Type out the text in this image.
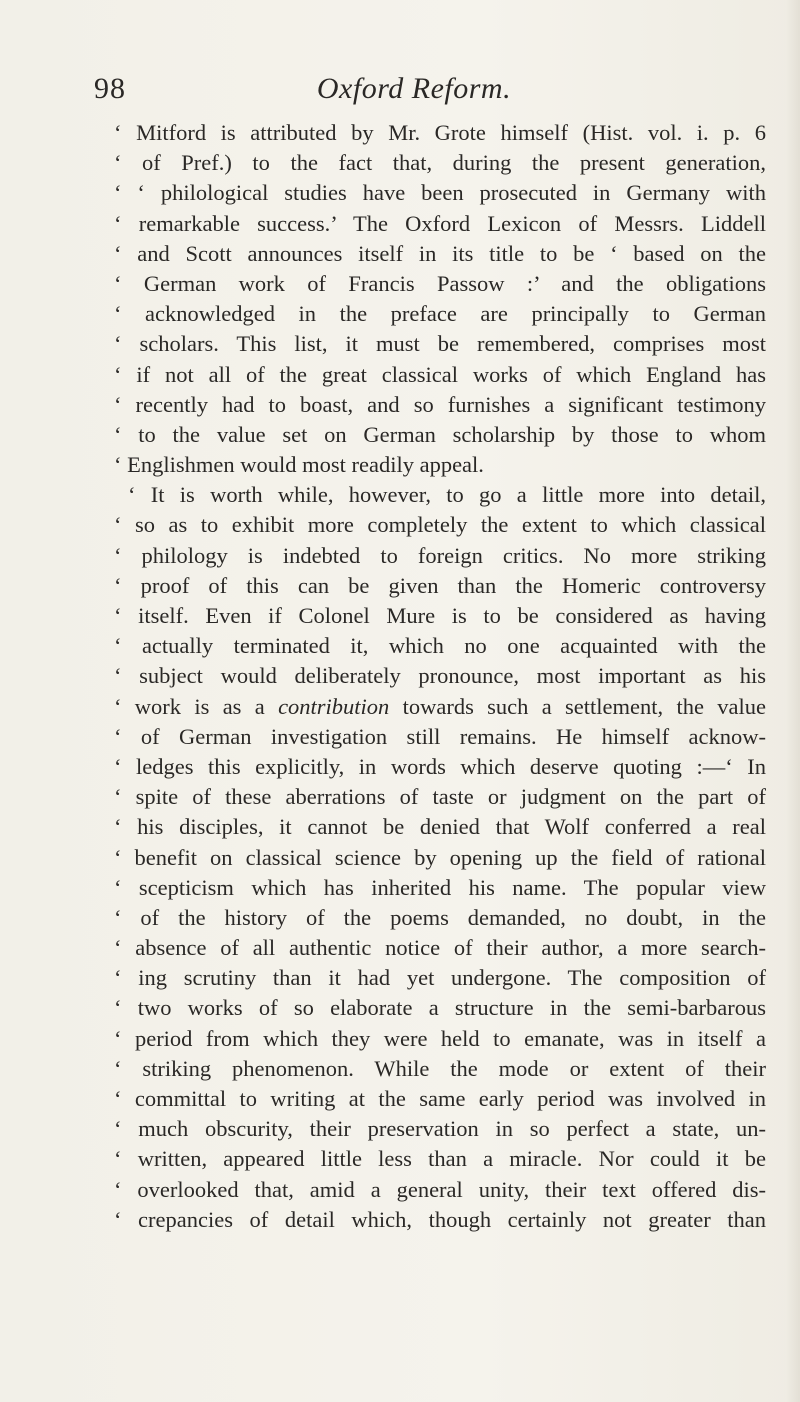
98	Oxford Reform.
‘ Mitford is attributed by Mr. Grote himself (Hist. vol. i. p. 6
‘ of Pref.) to the fact that, during the present generation,
‘ ‘ philological studies have been prosecuted in Germany with
‘ remarkable success.’ The Oxford Lexicon of Messrs. Liddell
‘ and Scott announces itself in its title to be ‘ based on the
‘ German work of Francis Passow :’ and the obligations
‘ acknowledged in the preface are principally to German
‘ scholars. This list, it must be remembered, comprises most
‘ if not all of the great classical works of which England has
‘ recently had to boast, and so furnishes a significant testimony
‘ to the value set on German scholarship by those to whom
‘ Englishmen would most readily appeal.
‘ It is worth while, however, to go a little more into detail,
‘ so as to exhibit more completely the extent to which classical
‘ philology is indebted to foreign critics. No more striking
‘ proof of this can be given than the Homeric controversy
‘ itself. Even if Colonel Mure is to be considered as having
‘ actually terminated it, which no one acquainted with the
‘ subject would deliberately pronounce, most important as his
‘ work is as a contribution towards such a settlement, the value
‘ of German investigation still remains. He himself acknow-
‘ ledges this explicitly, in words which deserve quoting :—‘ In
‘ spite of these aberrations of taste or judgment on the part of
‘ his disciples, it cannot be denied that Wolf conferred a real
‘ benefit on classical science by opening up the field of rational
‘ scepticism which has inherited his name. The popular view
‘ of the history of the poems demanded, no doubt, in the
‘ absence of all authentic notice of their author, a more search-
‘ ing scrutiny than it had yet undergone. The composition of
‘ two works of so elaborate a structure in the semi-barbarous
‘ period from which they were held to emanate, was in itself a
‘ striking phenomenon. While the mode or extent of their
‘ committal to writing at the same early period was involved in
‘ much obscurity, their preservation in so perfect a state, un-
‘ written, appeared little less than a miracle. Nor could it be
‘ overlooked that, amid a general unity, their text offered dis-
‘ crepancies of detail which, though certainly not greater than
